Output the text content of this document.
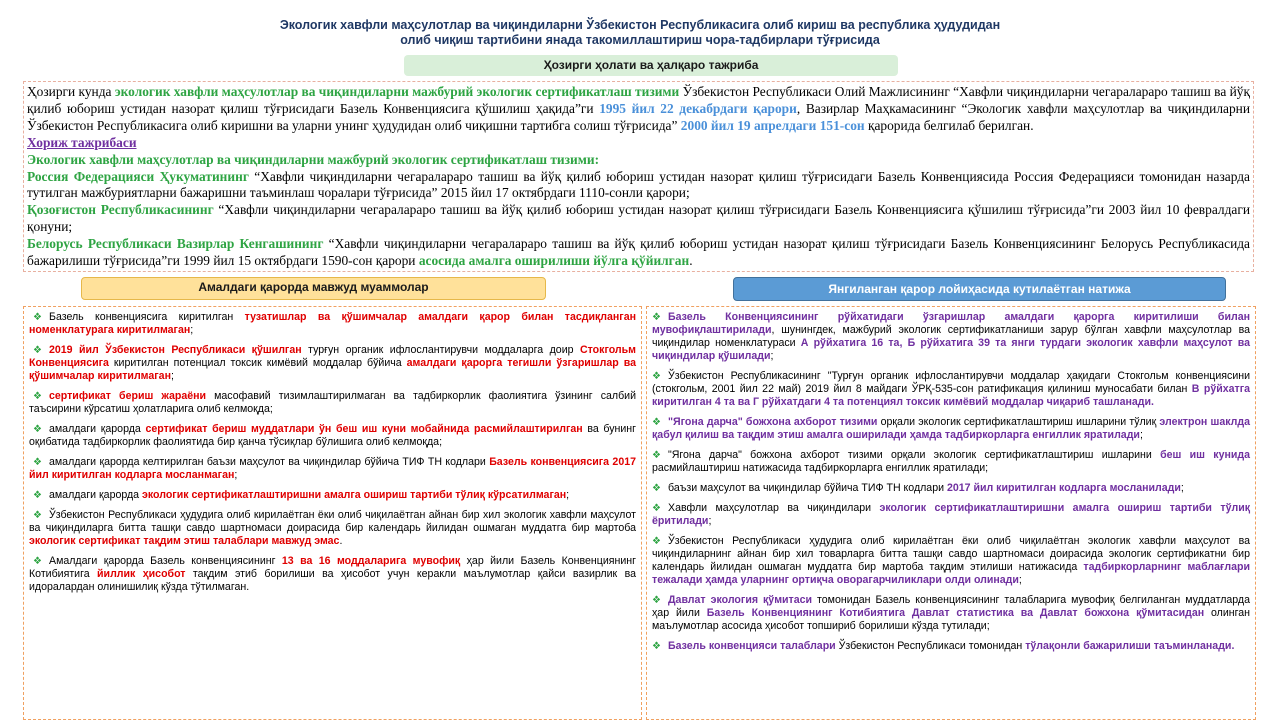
Экологик хавфли маҳсулотлар ва чиқиндиларни Ўзбекистон Республикасига олиб кириш ва республика ҳудудидан
олиб чиқиш тартибини янада такомиллаштириш чора-тадбирлари тўғрисида
Ҳозирги ҳолати ва ҳалқаро тажриба

Ҳозирги кунда экологик хавфли маҳсулотлар ва чиқиндиларни мажбурий экологик сертификатлаш тизими Ўзбекистон Республикаси Олий Мажлисининг “Хавфли чиқиндиларни чегаралараро ташиш ва йўқ қилиб юбориш устидан назорат қилиш тўғрисидаги Базель Конвенциясига қўшилиш ҳақида”ги 1995 йил 22 декабрдаги қарори, Вазирлар Маҳкамасининг “Экологик хавфли маҳсулотлар ва чиқиндиларни Ўзбекистон Республикасига олиб киришни ва уларни унинг ҳудудидан олиб чиқишни тартибга солиш тўғрисида” 2000 йил 19 апрелдаги 151-сон қарорида белгилаб берилган.

Хориж тажрибаси

Экологик хавфли маҳсулотлар ва чиқиндиларни мажбурий экологик сертификатлаш тизими:

Россия Федерацияси Ҳукуматининг “Хавфли чиқиндиларни чегаралараро ташиш ва йўқ қилиб юбориш устидан назорат қилиш тўғрисидаги Базель Конвенциясида Россия Федерацияси томонидан назарда тутилган мажбуриятларни бажаришни таъминлаш чоралари тўғрисида” 2015 йил 17 октябрдаги 1110-сонли қарори;

Қозоғистон Республикасининг “Хавфли чиқиндиларни чегаралараро ташиш ва йўқ қилиб юбориш устидан назорат қилиш тўғрисидаги Базель Конвенциясига қўшилиш тўғрисида”ги 2003 йил 10 февралдаги қонуни;

Белорусь Республикаси Вазирлар Кенгашининг “Хавфли чиқиндиларни чегаралараро ташиш ва йўқ қилиб юбориш устидан назорат қилиш тўғрисидаги Базель Конвенциясининг Белорусь Республикасида бажарилиши тўғрисида”ги 1999 йил 15 октябрдаги 1590-сон қарори асосида амалга оширилиши йўлга қўйилган.

Амалдаги қарорда мавжуд муаммолар	Янгиланган қарор лойиҳасида кутилаётган натижа

❖ Базель конвенциясига киритилган тузатишлар ва қўшимчалар амалдаги қарор билан тасдиқланган номенклатурага киритилмаган;

❖ 2019 йил Ўзбекистон Республикаси қўшилган турғун органик ифлослантирувчи моддаларга доир Стокгольм Конвенциясига киритилган потенциал токсик кимёвий моддалар бўйича амалдаги қарорга тегишли ўзгаришлар ва қўшимчалар киритилмаган;

❖ сертификат бериш жараёни масофавий тизимлаштирилмаган ва тадбиркорлик фаолиятига ўзининг салбий таъсирини кўрсатиш ҳолатларига олиб келмоқда;

❖ амалдаги қарорда сертификат бериш муддатлари ўн беш иш куни мобайнида расмийлаштирилган ва бунинг оқибатида тадбиркорлик фаолиятида бир қанча тўсиқлар бўлишига олиб келмоқда;

❖ амалдаги қарорда келтирилган баъзи маҳсулот ва чиқиндилар бўйича ТИФ ТН кодлари Базель конвенциясига 2017 йил киритилган кодларга мосланмаган;

❖ амалдаги қарорда экологик сертификатлаштиришни амалга ошириш тартиби тўлиқ кўрсатилмаган;

❖ Ўзбекистон Республикаси ҳудудига олиб кирилаётган ёки олиб чиқилаётган айнан бир хил экологик хавфли маҳсулот ва чиқиндиларга битта ташқи савдо шартномаси доирасида бир календарь йилидан ошмаган муддатга бир мартоба экологик сертификат тақдим этиш талаблари мавжуд эмас.

❖ Амалдаги қарорда Базель конвенциясининг 13 ва 16 моддаларига мувофиқ ҳар йили Базель Конвенциянинг Котибиятига йиллик ҳисобот тақдим этиб борилиши ва ҳисобот учун керакли маълумотлар қайси вазирлик ва идоралардан олинишилиқ кўзда тўтилмаган.

❖ Базель Конвенциясининг рўйхатидаги ўзгаришлар амалдаги қарорга киритилиши билан мувофиқлаштирилади, шунингдек, мажбурий экологик сертификатланиши зарур бўлган хавфли маҳсулотлар ва чиқиндилар номенклатураси А рўйхатига 16 та, Б рўйхатига 39 та янги турдаги экологик хавфли маҳсулот ва чиқиндилар қўшилади;

❖ Ўзбекистон Республикасининг "Турғун органик ифлослантирувчи моддалар ҳақидаги Стокгольм конвенциясини (стокгольм, 2001 йил 22 май) 2019 йил 8 майдаги ЎРҚ-535-сон ратификация қилиниш муносабати билан В рўйхатга киритилган 4 та ва Г рўйхатдаги 4 та потенциял токсик кимёвий моддалар чиқариб ташланади.

❖ "Ягона дарча" божхона ахборот тизими орқали экологик сертификатлаштириш ишларини тўлиқ электрон шаклда қабул қилиш ва тақдим этиш амалга оширилади ҳамда тадбиркорларга енгиллик яратилади;

❖ "Ягона дарча" божхона ахборот тизими орқали экологик сертификатлаштириш ишларини беш иш кунида расмийлаштириш натижасида тадбиркорларга енгиллик яратилади;

❖ баъзи маҳсулот ва чиқиндилар бўйича ТИФ ТН кодлари 2017 йил киритилган кодларга мосланилади;

❖ Хавфли маҳсулотлар ва чиқиндилари экологик сертификатлаштиришни амалга ошириш тартиби тўлиқ ёритилади;

❖ Ўзбекистон Республикаси ҳудудига олиб кирилаётган ёки олиб чиқилаётган экологик хавфли маҳсулот ва чиқиндиларнинг айнан бир хил товарларга битта ташқи савдо шартномаси доирасида экологик сертификатни бир календарь йилидан ошмаган муддатга бир мартоба тақдим этилиши натижасида тадбиркорларнинг маблағлари тежалади ҳамда уларнинг ортиқча оворагарчиликлари олди олинади;

❖ Давлат экология қўмитаси томонидан Базель конвенциясининг талабларига мувофиқ белгиланган муддатларда ҳар йили Базель Конвенциянинг Котибиятига Давлат статистика ва Давлат божхона қўмитасидан олинган маълумотлар асосида ҳисобот топшириб борилиши кўзда тутилади;

❖ Базель конвенцияси талаблари Ўзбекистон Республикаси томонидан тўлақонли бажарилиши таъминланади.
